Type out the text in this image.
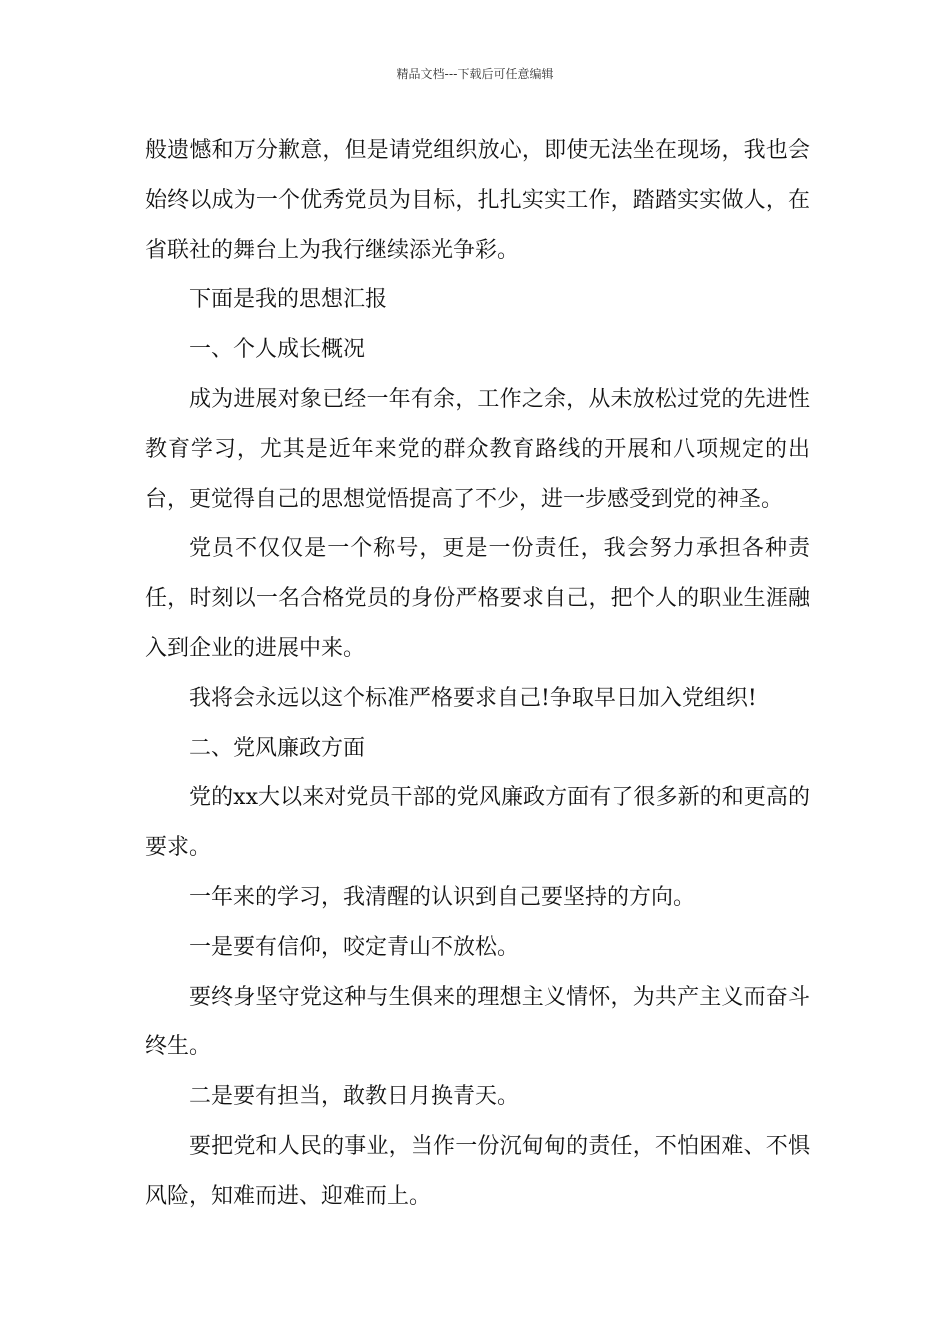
精品文档---下载后可任意编辑

般遗憾和万分歉意，但是请党组织放心，即使无法坐在现场，我也会始终以成为一个优秀党员为目标，扎扎实实工作，踏踏实实做人，在省联社的舞台上为我行继续添光争彩。

下面是我的思想汇报

一、个人成长概况

成为进展对象已经一年有余，工作之余，从未放松过党的先进性教育学习，尤其是近年来党的群众教育路线的开展和八项规定的出台，更觉得自己的思想觉悟提高了不少，进一步感受到党的神圣。

党员不仅仅是一个称号，更是一份责任，我会努力承担各种责任，时刻以一名合格党员的身份严格要求自己，把个人的职业生涯融入到企业的进展中来。

我将会永远以这个标准严格要求自己!争取早日加入党组织!

二、党风廉政方面

党的xx大以来对党员干部的党风廉政方面有了很多新的和更高的要求。

一年来的学习，我清醒的认识到自己要坚持的方向。

一是要有信仰，咬定青山不放松。

要终身坚守党这种与生俱来的理想主义情怀，为共产主义而奋斗终生。

二是要有担当，敢教日月换青天。

要把党和人民的事业，当作一份沉甸甸的责任，不怕困难、不惧风险，知难而进、迎难而上。
